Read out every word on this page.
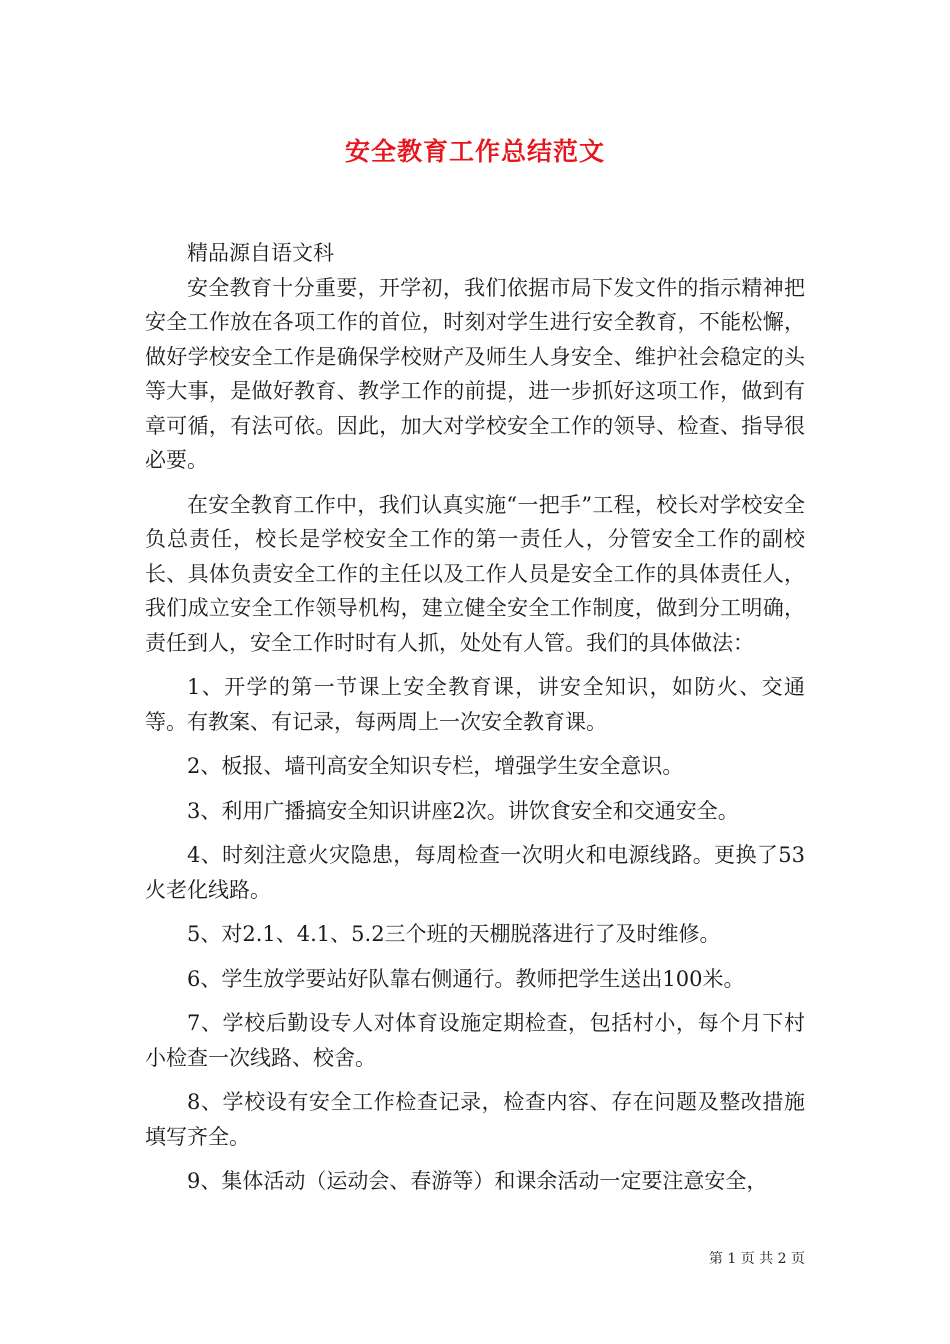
安全教育工作总结范文

精品源自语文科

安全教育十分重要，开学初，我们依据市局下发文件的指示精神把安全工作放在各项工作的首位，时刻对学生进行安全教育，不能松懈，做好学校安全工作是确保学校财产及师生人身安全、维护社会稳定的头等大事，是做好教育、教学工作的前提，进一步抓好这项工作，做到有章可循，有法可依。因此，加大对学校安全工作的领导、检查、指导很必要。

在安全教育工作中，我们认真实施“一把手”工程，校长对学校安全负总责任，校长是学校安全工作的第一责任人，分管安全工作的副校长、具体负责安全工作的主任以及工作人员是安全工作的具体责任人，我们成立安全工作领导机构，建立健全安全工作制度，做到分工明确，责任到人，安全工作时时有人抓，处处有人管。我们的具体做法：

1、开学的第一节课上安全教育课，讲安全知识，如防火、交通等。有教案、有记录，每两周上一次安全教育课。

2、板报、墙刊高安全知识专栏，增强学生安全意识。

3、利用广播搞安全知识讲座2次。讲饮食安全和交通安全。

4、时刻注意火灾隐患，每周检查一次明火和电源线路。更换了53火老化线路。

5、对2.1、4.1、5.2三个班的天棚脱落进行了及时维修。

6、学生放学要站好队靠右侧通行。教师把学生送出100米。

7、学校后勤设专人对体育设施定期检查，包括村小，每个月下村小检查一次线路、校舍。

8、学校设有安全工作检查记录，检查内容、存在问题及整改措施填写齐全。

9、集体活动（运动会、春游等）和课余活动一定要注意安全，

第 1 页 共 2 页
